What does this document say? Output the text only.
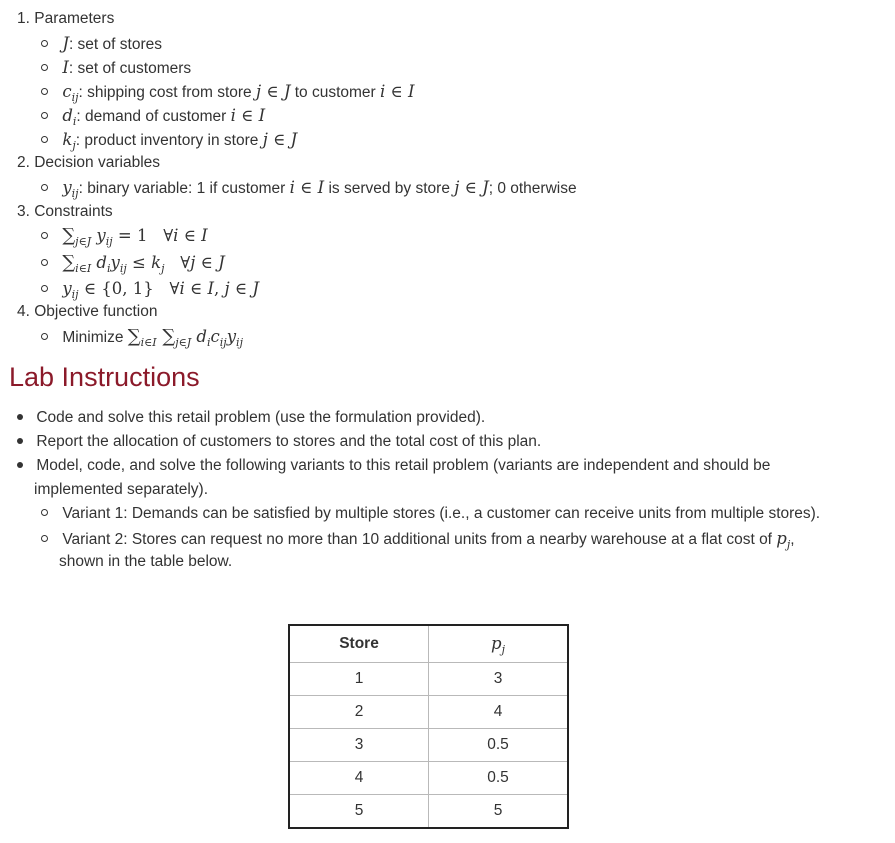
1. Parameters
J: set of stores
I: set of customers
$c_{ij}$: shipping cost from store j ∈ J to customer i ∈ I
$d_i$: demand of customer i ∈ I
$k_j$: product inventory in store j ∈ J
2. Decision variables
$y_{ij}$: binary variable: 1 if customer i ∈ I is served by store j ∈ J; 0 otherwise
3. Constraints
$\sum_{j\in J}$ $y_{ij} = 1$   ∀i ∈ I
$\sum_{i\in I}$ $d_iy_{ij} \le k_j$   ∀j ∈ J
$y_{ij}$ ∈ {0, 1}   ∀i ∈ I, j ∈ J
4. Objective function
Minimize $\sum_{i\in I}$ $\sum_{j\in J}$ $d_ic_{ij}y_{ij}$
Lab Instructions
Code and solve this retail problem (use the formulation provided).
Report the allocation of customers to stores and the total cost of this plan.
Model, code, and solve the following variants to this retail problem (variants are independent and should be
implemented separately).
Variant 1: Demands can be satisfied by multiple stores (i.e., a customer can receive units from multiple stores).
Variant 2: Stores can request no more than 10 additional units from a nearby warehouse at a flat cost of $p_j$,
shown in the table below.
Store	$p_j$
1	3
2	4
3	0.5
4	0.5
5	5
